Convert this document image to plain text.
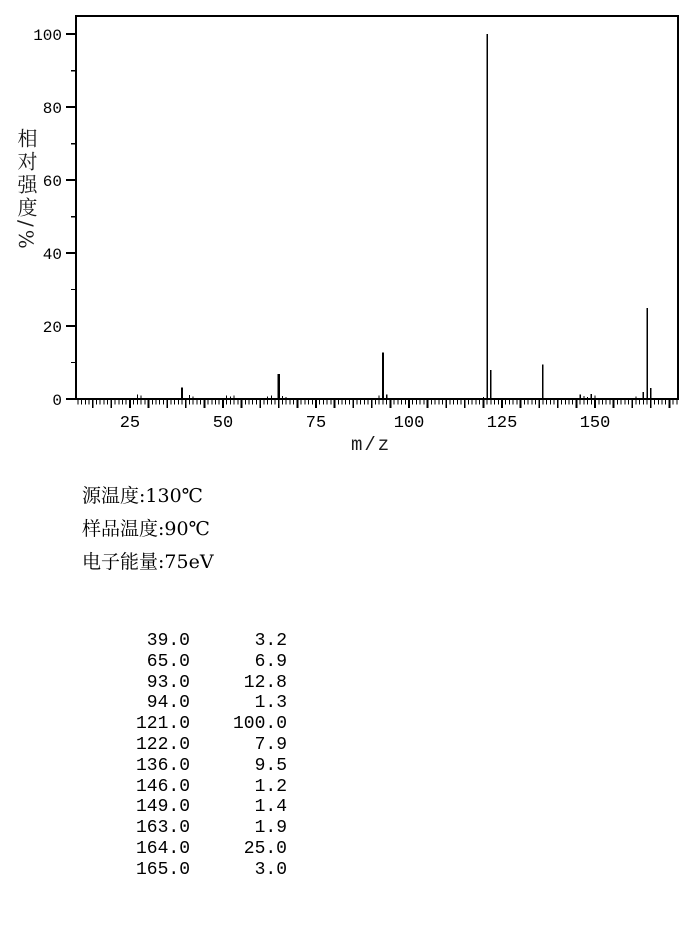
0
20
40
60
80
100
25	50	75	100	125	150
相对强度/%
m/z
源温度:130℃
样品温度:90℃
电子能量:75eV
39.0	3.2
65.0	6.9
93.0	12.8
94.0	1.3
121.0	100.0
122.0	7.9
136.0	9.5
146.0	1.2
149.0	1.4
163.0	1.9
164.0	25.0
165.0	3.0
